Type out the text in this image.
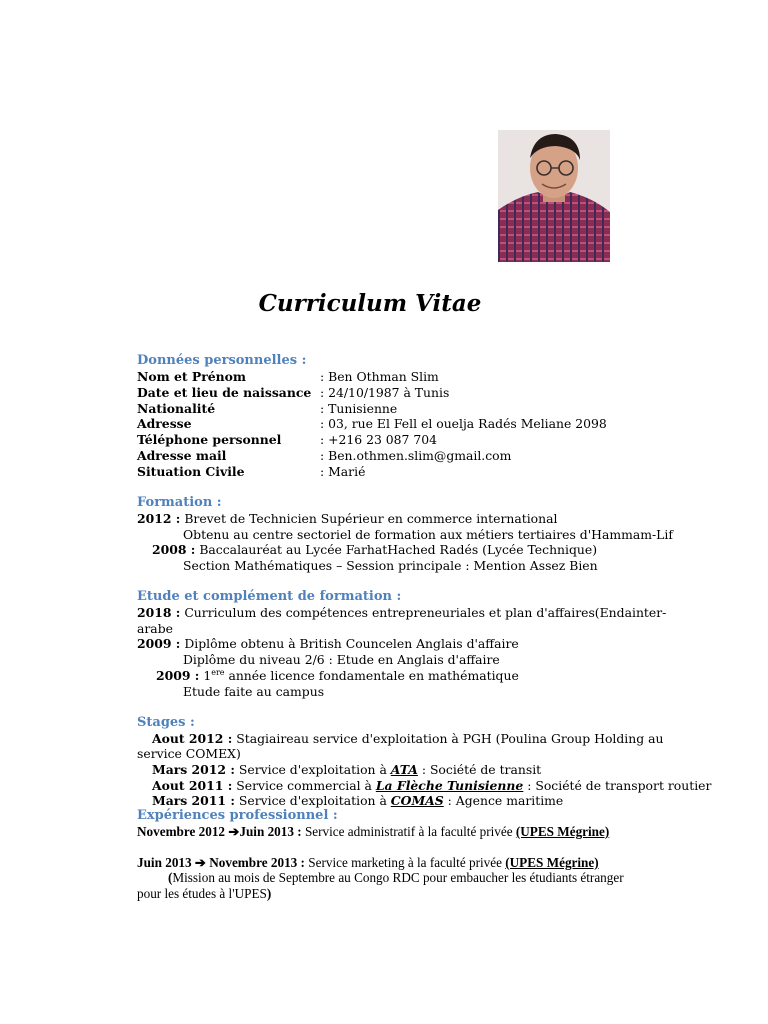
Curriculum Vitae
Données personnelles :
Nom et Prénom	: Ben Othman Slim
Date et lieu de naissance : 24/10/1987 à Tunis
Nationalité	: Tunisienne
Adresse	: 03, rue El Fell el ouelja Radés Meliane 2098
Téléphone personnel	: +216 23 087 704
Adresse mail	: Ben.othmen.slim@gmail.com
Situation Civile	: Marié
Formation :
2012 : Brevet de Technicien Supérieur en commerce international
Obtenu au centre sectoriel de formation aux métiers tertiaires d'Hammam-Lif
2008 : Baccalauréat au Lycée FarhatHached Radés (Lycée Technique)
Section Mathématiques – Session principale : Mention Assez Bien
Etude et complément de formation :
2018 : Curriculum des compétences entrepreneuriales et plan d'affaires(Endainter-
arabe
2009 : Diplôme obtenu à British Councelen Anglais d'affaire
Diplôme du niveau 2/6 : Etude en Anglais d'affaire
2009 : 1ere année licence fondamentale en mathématique
Etude faite au campus
Stages :
Aout 2012 : Stagiaireau service d'exploitation à PGH (Poulina Group Holding au
service COMEX)
Mars 2012 : Service d'exploitation à ATA : Société de transit
Aout 2011 : Service commercial à La Flèche Tunisienne : Société de transport routier
Mars 2011 : Service d'exploitation à COMAS : Agence maritime
Expériences professionnel :
Novembre 2012 ➔Juin 2013 : Service administratif à la faculté privée (UPES Mégrine)
Juin 2013 ➔ Novembre 2013 : Service marketing à la faculté privée (UPES Mégrine)
(Mission au mois de Septembre au Congo RDC pour embaucher les étudiants étranger
pour les études à l'UPES)
